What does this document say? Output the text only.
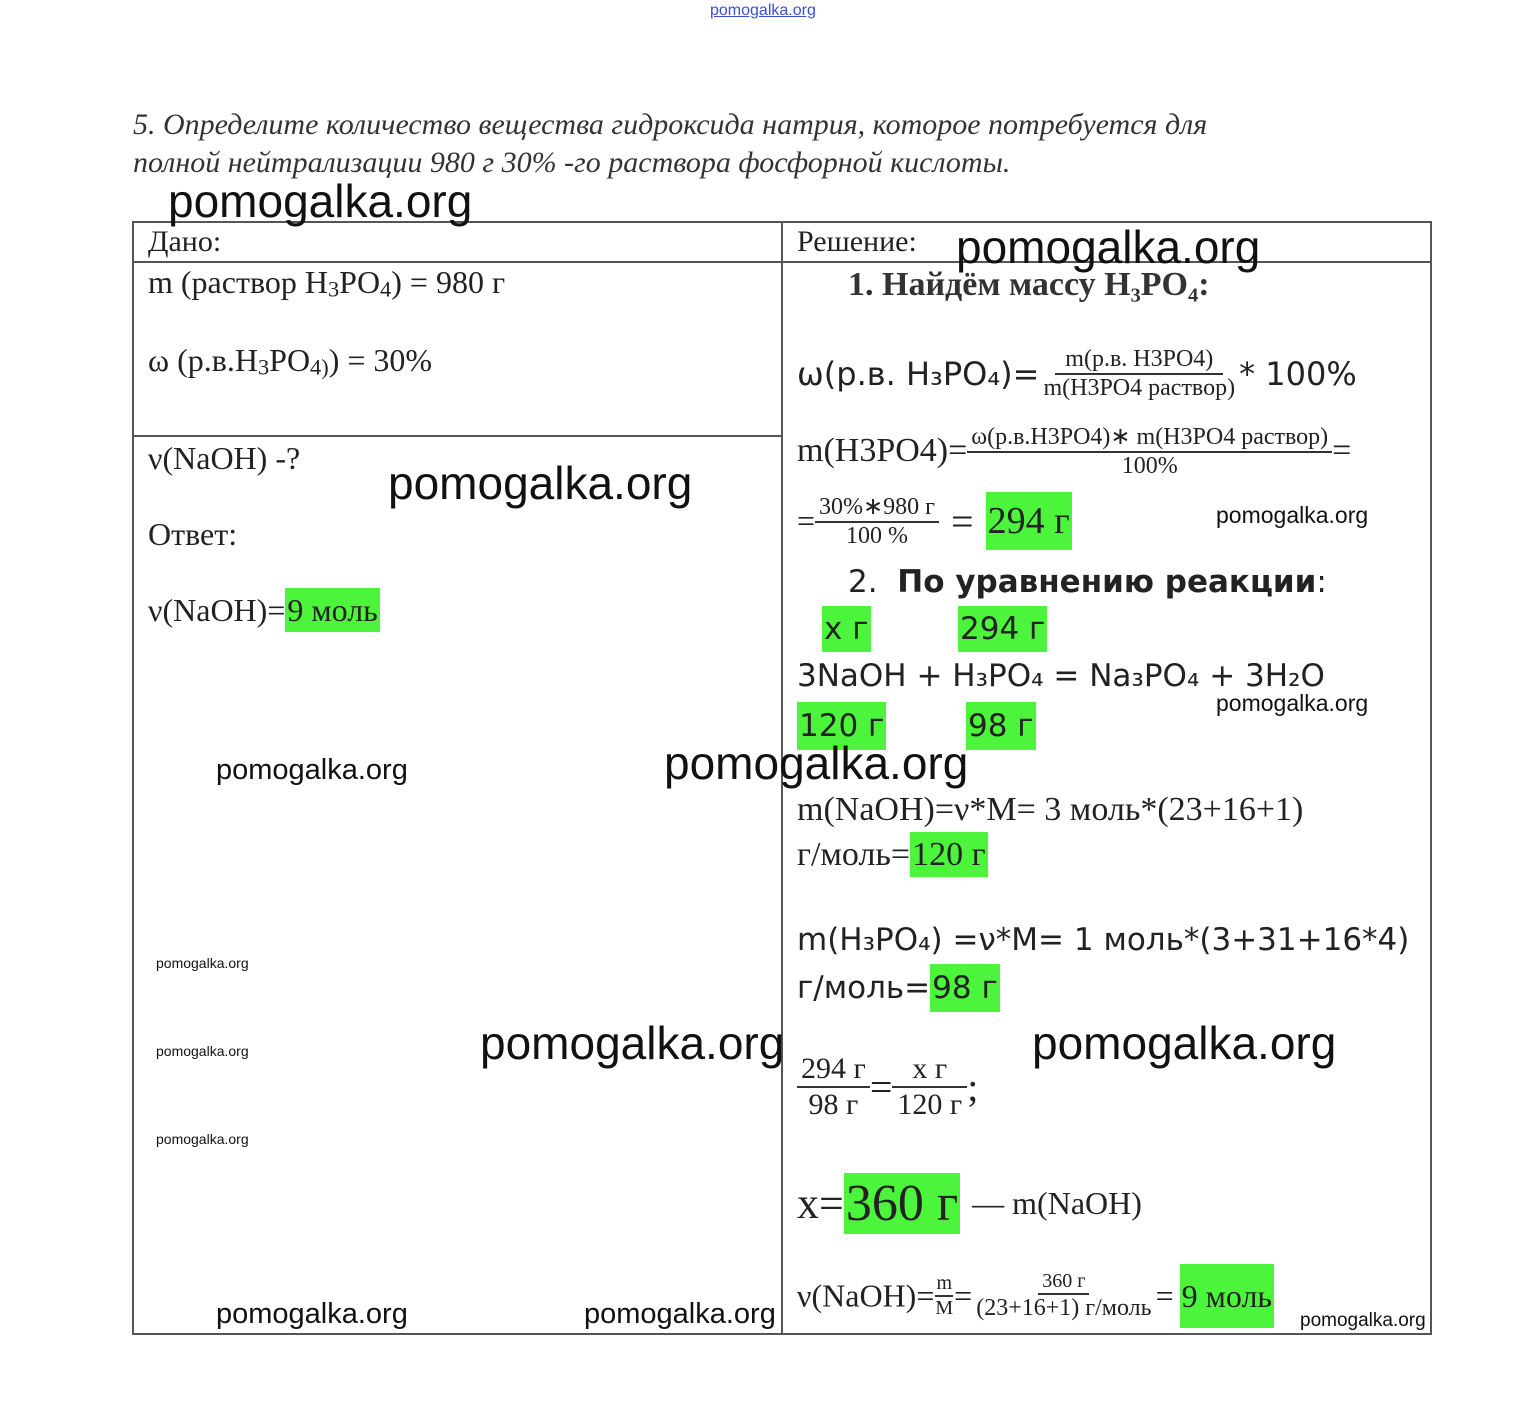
pomogalka.org
5. Определите количество вещества гидроксида натрия, которое потребуется для
полной нейтрализации 980 г 30% -го раствора фосфорной кислоты.
Дано:
m (раствор $H_3PO_4) = 980$ г
ω $(р.в.H_3PO_{4)}) = 30\%$
ν(NaOH) -?
Ответ:
ν(NaOH)=9 моль
Решение:
1. Найдём массу H₃PO₄:
ω(р.в. $H_3PO_4)= \frac{m(р.в. H3PO4)}{\text{m(H3PO4 раствор)}} * 100\%$
$m(H3PO4)= \frac{\text{ω(р.в.H3PO4)∗ m(H3PO4 раствор)}}{100\%}$ =
= $\frac{30\%∗980 г}{100 \%} = 294$ г
2. По уравнению реакции:
x г	294 г
3NaOH + H₃PO₄ = Na₃PO₄ + 3H₂O
120 г	98 г
m(NaOH)=ν*M= 3 моль*(23+16+1)
г/моль=120 г
m(H₃PO₄) =ν*M= 1 моль*(3+31+16*4)
г/моль=98 г
$\frac{294 г}{98 г} = \frac{\text{x г}}{120 г}$ ;
x=360 г — m(NaOH)
ν(NaOH)= $\frac{m}{M} = \frac{360 г}{\text{(23+16+1) г/моль}} = 9$ моль
pomogalka.org
pomogalka.org
pomogalka.org
pomogalka.org
pomogalka.org
pomogalka.org	pomogalka.org
pomogalka.org
pomogalka.org	pomogalka.org	pomogalka.org
pomogalka.org
pomogalka.org	pomogalka.org	pomogalka.org
